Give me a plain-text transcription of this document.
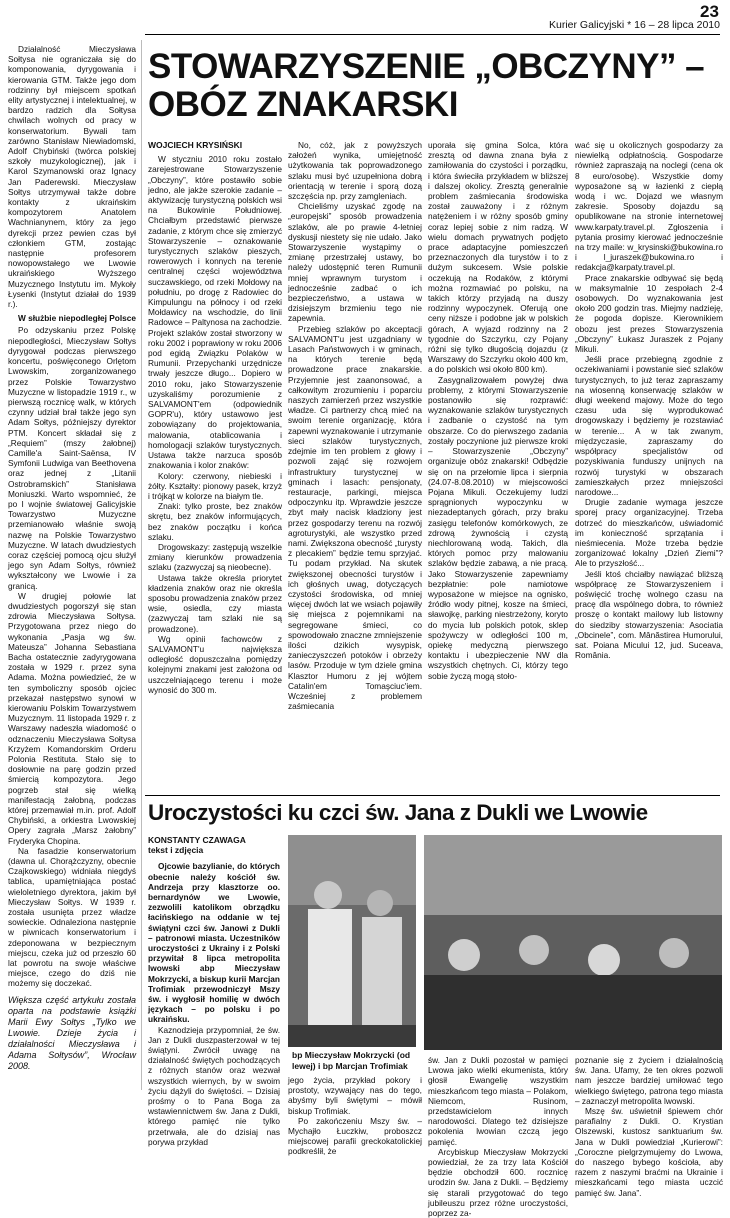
23
Kurier Galicyjski * 16 – 28 lipca 2010

Działalność Mieczysława Sołtysa nie ograniczała się do komponowania, dyrygowania i kierowania GTM. Także jego dom rodzinny był miejscem spotkań elity artystycznej i intelektualnej, w bardzo radzich dla Sołtysa chwilach wolnych od pracy w konserwatorium. Bywali tam zarówno Stanisław Niewiadomski, Adolf Chybiński (twórca polskiej szkoły muzykologicznej), jak i Karol Szymanowski oraz Ignacy Jan Paderewski. Mieczysław Sołtys utrzymywał także dobre kontakty z ukraińskim kompozytorem Anatolem Wachnianynem, który za jego dyrekcji przez pewien czas był członkiem GTM, zostając następnie profesorem nowopowstałego we Lwowie ukraińskiego Wyższego Muzycznego Instytutu im. Mykoły Łysenki (Instytut działał do 1939 r.).

W służbie niepodległej Polsce

Po odzyskaniu przez Polskę niepodległości, Mieczysław Sołtys dyrygował podczas pierwszego koncertu, poświęconego Orlętom Lwowskim, zorganizowanego przez Polskie Towarzystwo Muzyczne w listopadzie 1919 r., w pierwszą rocznicę walk, w których czynny udział brał także jego syn Adam Sołtys, późniejszy dyrektor PTM. Koncert składał się z „Requiem” (mszy żałobnej) Camille'a Saint-Saënsa, IV Symfonii Ludwiga van Beethovena oraz jednej z „Litanii Ostrobramskich” Stanisława Moniuszki. Warto wspomnieć, że po I wojnie światowej Galicyjskie Towarzystwo Muzyczne przemianowało właśnie swoją nazwę na Polskie Towarzystwo Muzyczne. W latach dwudziestych coraz częściej pomocą ojcu służył jego syn Adam Sołtys, również wykształcony we Lwowie i za granicą.

W drugiej połowie lat dwudziestych pogorszył się stan zdrowia Mieczysława Sołtysa. Przygotowana przez niego do wykonania „Pasja wg św. Mateusza” Johanna Sebastiana Bacha ostatecznie zadyrygowana została w 1929 r. przez syna Adama. Można powiedzieć, że w ten symboliczny sposób ojciec przekazał następstwo synowi w kierowaniu Polskim Towarzystwem Muzycznym. 11 listopada 1929 r. z Warszawy nadeszła wiadomość o odznaczeniu Mieczysława Sołtysa Krzyżem Komandorskim Orderu Polonia Restituta. Stało się to dosłownie na parę godzin przed śmiercią kompozytora. Jego pogrzeb stał się wielką manifestacją żałobną, podczas której przemawiał m.in. prof. Adolf Chybiński, a orkiestra Lwowskiej Opery zagrała „Marsz żałobny” Fryderyka Chopina.

Na fasadzie konserwatorium (dawna ul. Chorążczyzny, obecnie Czajkowskiego) widniała niegdyś tablica, upamiętniająca postać wieloletniego dyrektora, jakim był Mieczysław Sołtys. W 1939 r. została usunięta przez władze sowieckie. Odnaleziona następnie w piwnicach konserwatorium i zdeponowana w bezpiecznym miejscu, czeka już od przeszło 60 lat powrotu na swoje właściwe miejsce, czego do dziś nie możemy się doczekać.

Większa część artykułu została oparta na podstawie książki Marii Ewy Sołtys „Tylko we Lwowie. Dzieje życia i działalności Mieczysława i Adama Sołtysów”, Wrocław 2008.
STOWARZYSZENIE „OBCZYNY” –
OBÓZ ZNAKARSKI
WOJCIECH KRYSIŃSKI

W styczniu 2010 roku zostało zarejestrowane Stowarzyszenie „Obczyny”, które postawiło sobie jedno, ale jakże szerokie zadanie – aktywizację turystyczną polskich wsi na Bukowinie Południowej. Chciałbym przedstawić pierwsze zadanie, z którym chce się zmierzyć Stowarzyszenie – oznakowanie turystycznych szlaków pieszych, rowerowych i konnych na terenie centralnej części województwa suczawskiego, od rzeki Mołdowy na południu, po drogę z Radowiec do Kimpulungu na północy i od rzeki Mołdawicy na wschodzie, do linii Radowce – Paltynosa na zachodzie. Projekt szlaków został stworzony w roku 2002 i poprawiony w roku 2006 pod egidą Związku Polaków w Rumunii. Przepychanki urzędnicze trwały jeszcze długo... Dopiero w 2010 roku, jako Stowarzyszenie uzyskaliśmy porozumienie z SALVAMONT'em (odpowiednik GOPR'u), który ustawowo jest zobowiązany do projektowania, malowania, otablicowania i homologacji szlaków turystycznych. Ustawa także narzuca sposób znakowania i kolor znaków:

Kolory: czerwony, niebieski i żółty. Kształty: pionowy pasek, krzyż i trójkąt w kolorze na białym tle.

Znaki: tylko proste, bez znaków skrętu, bez znaków informujących, bez znaków początku i końca szlaku.

Drogowskazy: zastępują wszelkie zmiany kierunków prowadzenia szlaku (zazwyczaj są nieobecne).

Ustawa także określa priorytet kładzenia znaków oraz nie określa sposobu prowadzenia znaków przez wsie, osiedla, czy miasta (zazwyczaj tam szlaki nie są prowadzone).

Wg opinii fachowców z SALVAMONT'u największa odległość dopuszczalna pomiędzy kolejnymi znakami jest założona od uszczelniającego terenu i może wynosić do 300 m.

No, cóż, jak z powyższych założeń wynika, umiejętność użytkowania tak poprowadzonego szlaku musi być uzupełniona dobrą orientacją w terenie i sporą dozą szczęścia np. przy zamgleniach.

Chcieliśmy uzyskać zgodę na „europejski” sposób prowadzenia szlaków, ale po prawie 4-letniej dyskusji niestety się nie udało. Jako Stowarzyszenie wystąpimy o zmianę przestrzałej ustawy, bo należy udostępnić teren Rumunii mniej wprawnym turystom i jednocześnie zadbać o ich bezpieczeństwo, a ustawa w dzisiejszym brzmieniu tego nie zapewnia.

Przebieg szlaków po akceptacji SALVAMONT'u jest uzgadniany w Lasach Państwowych i w gminach, na których terenie będą prowadzone prace znakarskie. Przyjemnie jest zaanonsować, a całkowitym zrozumieniu i poparciu naszych zamierzeń przez wszystkie władze. Ci partnerzy chcą mieć na swoim terenie organizację, która zapewni wyznakowanie i utrzymanie sieci szlaków turystycznych, zdejmie im ten problem z głowy i pozwoli zająć się rozwojem infrastruktury turystycznej w gminach i lasach: pensjonaty, restauracje, parkingi, miejsca odpoczynku itp. Wprawdzie jeszcze zbyt mały nacisk kładziony jest przez gospodarzy terenu na rozwój agroturystyki, ale wszystko przed nami. Zwiększona obecność „turysty z plecakiem” będzie temu sprzyjać. Tu podam przykład. Na skutek zwiększonej obecności turystów i ich głośnych uwag, dotyczących czystości środowiska, od mniej więcej dwóch lat we wsiach pojawiły się miejsca z pojemnikami na segregowane śmieci, co spowodowało znaczne zmniejszenie ilości dzikich wysypisk, zanieczyszczeń potoków i obrzeży lasów. Przoduje w tym dziele gmina Klasztor Humoru z jej wójtem Catalin'em Tomaşciuc'iem. Wcześniej z problemem zaśmiecania

uporała się gmina Solca, która zresztą od dawna znana była z zamiłowania do czystości i porządku, i która świeciła przykładem w bliższej i dalszej okolicy. Zresztą generalnie problem zaśmiecania środowiska został zauważony i z różnym natężeniem i w różny sposób gminy coraz lepiej sobie z nim radzą. W wielu domach prywatnych podjęto prace adaptacyjne pomieszczeń przeznaczonych dla turystów i to z dużym sukcesem. Wsie polskie oczekują na Rodaków, z którymi można rozmawiać po polsku, na takich którzy przyjadą na duszy rodzinny wypoczynek. Oferują one ceny niższe i podobne jak w polskich górach, A wyjazd rodzinny na 2 tygodnie do Szczyrku, czy Pojany różni się tylko długością dojazdu (z Warszawy do Szczyrku około 400 km, a do polskich wsi około 800 km).

Zasygnalizowałem powyżej dwa problemy, z którymi Stowarzyszenie postanowiło się rozprawić: wyznakowanie szlaków turystycznych i zadbanie o czystość na tym obszarze. Co do pierwszego zadania zostały poczynione już pierwsze kroki – Stowarzyszenie „Obczyny” organizuje obóz znakarski! Odbędzie się on na przełomie lipca i sierpnia (24.07-8.08.2010) w miejscowości Pojana Mikuli. Oczekujemy ludzi sprągnionych wypoczynku w niezadeptanych górach, przy braku zasięgu telefonów komórkowych, ze zdrową żywnością i czystą niechlorowaną wodą. Takich, dla których pomoc przy malowaniu szlaków będzie zabawą, a nie pracą. Jako Stowarzyszenie zapewniamy bezpłatnie: pole namiotowe wyposażone w miejsce na ognisko, źródło wody pitnej, kosze na śmieci, sławojkę, parking niestrzeżony, koryto do mycia lub polskich potok, sklep spożywczy w odległości 100 m, opiekę medyczną pierwszego kontaktu i ubezpieczenie NW dla wszystkich chętnych. Ci, którzy tego sobie życzą mogą stoło-

wać się u okolicznych gospodarzy za niewielką odpłatnością. Gospodarze również zapraszają na noclegi (cena ok 8 euro/osobę). Wszystkie domy wyposażone są w łazienki z ciepłą wodą i wc. Dojazd we własnym zakresie. Sposoby dojazdu są opublikowane na stronie internetowej www.karpaty.travel.pl. Zgłoszenia i pytania prosimy kierować jednocześnie na trzy maile: w_krysinski@bukowina.ro i l_juraszek@bukowina.ro i redakcja@karpaty.travel.pl.

Prace znakarskie odbywać się będą w maksymalnie 10 zespołach 2-4 osobowych. Do wyznakowania jest około 200 godzin tras. Miejmy nadzieję, że pogoda dopisze. Kierownikiem obozu jest prezes Stowarzyszenia „Obczyny” Łukasz Juraszek z Pojany Mikuli.

Jeśli prace przebiegną zgodnie z oczekiwaniami i powstanie sieć szlaków turystycznych, to już teraz zapraszamy na wiosenną konserwację szlaków w długi weekend majowy. Może do tego czasu uda się wyprodukować drogowskazy i będziemy je rozstawiać w terenie... A w tak zwanym, międzyczasie, zapraszamy do współpracy specjalistów od pozyskiwania funduszy unijnych na rozwój turystyki w obszarach zamieszkałych przez mniejszości narodowe...

Drugie zadanie wymaga jeszcze sporej pracy organizacyjnej. Trzeba dotrzeć do mieszkańców, uświadomić im konieczność sprzątania i nieśmiecenia. Może trzeba będzie zorganizować lokalny „Dzień Ziemi”? Ale to przyszłość...

Jeśli ktoś chciałby nawiązać bliższą współpracę ze Stowarzyszeniem i poświęcić trochę wolnego czasu na pracę dla wspólnego dobra, to również proszę o kontakt mailowy lub listowny do siedziby stowarzyszenia: Asociatia „Obcinele”, com. Mânăstirea Humorului, sat. Poiana Micului 12, jud. Suceava, România.

Uroczystości ku czci św. Jana z Dukli we Lwowie
KONSTANTY CZAWAGA
tekst i zdjęcia

Ojcowie bazylianie, do których obecnie należy kościół św. Andrzeja przy klasztorze oo. bernardynów we Lwowie, zezwolili katolikom obrządku łacińskiego na oddanie w tej świątyni czci św. Janowi z Dukli – patronowi miasta. Uczestników uroczystości z Ukrainy i z Polski przywitał 8 lipca metropolita lwowski abp Mieczysław Mokrzycki, a biskup kurii Marcjan Trofimiak przewodniczył Mszy św. i wygłosił homilię w dwóch językach – po polsku i po ukraińsku.

Kaznodzieja przypomniał, że św. Jan z Dukli duszpasterzował w tej świątyni. Zwrócił uwagę na działalność świętych pochodzących z różnych stanów oraz wezwał wszystkich wiernych, by w swoim życiu dążyli do świętości. – Dzisiaj prośmy o to Pana Boga za wstawiennictwem św. Jana z Dukli, którego pamięć nie tylko przetrwała, ale do dzisiaj nas porywa przykład

bp Mieczysław Mokrzycki (od lewej) i bp Marcjan Trofimiak

jego życia, przykład pokory i prostoty, wzywający nas do tego, abyśmy byli świętymi – mówił biskup Trofimiak.

Po zakończeniu Mszy św. – Mychajło Łuczkiw, proboszcz miejscowej parafii greckokatolickiej podkreślił, że

św. Jan z Dukli pozostał w pamięci Lwowa jako wielki ekumenista, który głosił Ewangelię wszystkim mieszkańcom tego miasta – Polakom, Niemcom, Rusinom, przedstawicielom innych narodowości. Dlatego też dzisiejsze pokolenia lwowian czczą jego pamięć.

Arcybiskup Mieczysław Mokrzycki powiedział, że za trzy lata Kościół będzie obchodził 600. rocznicę urodzin św. Jana z Dukli. – Będziemy się starali przygotować do tego jubileuszu przez różne uroczystości, poprzez za-

poznanie się z życiem i działalnością św. Jana. Ufamy, że ten okres pozwoli nam jeszcze bardziej umiłować tego wielkiego świętego, patrona tego miasta – zaznaczył metropolita lwowski.

Mszę św. uświetnił śpiewem chór parafialny z Dukli. O. Krystian Olszewski, kustosz sanktuarium św. Jana w Dukli powiedział „Kurierowi”: „Coroczne pielgrzymujemy do Lwowa, do naszego bybego kościoła, aby razem z naszymi braćmi na Ukrainie i mieszkańcami tego miasta uczcić pamięć św. Jana”.
